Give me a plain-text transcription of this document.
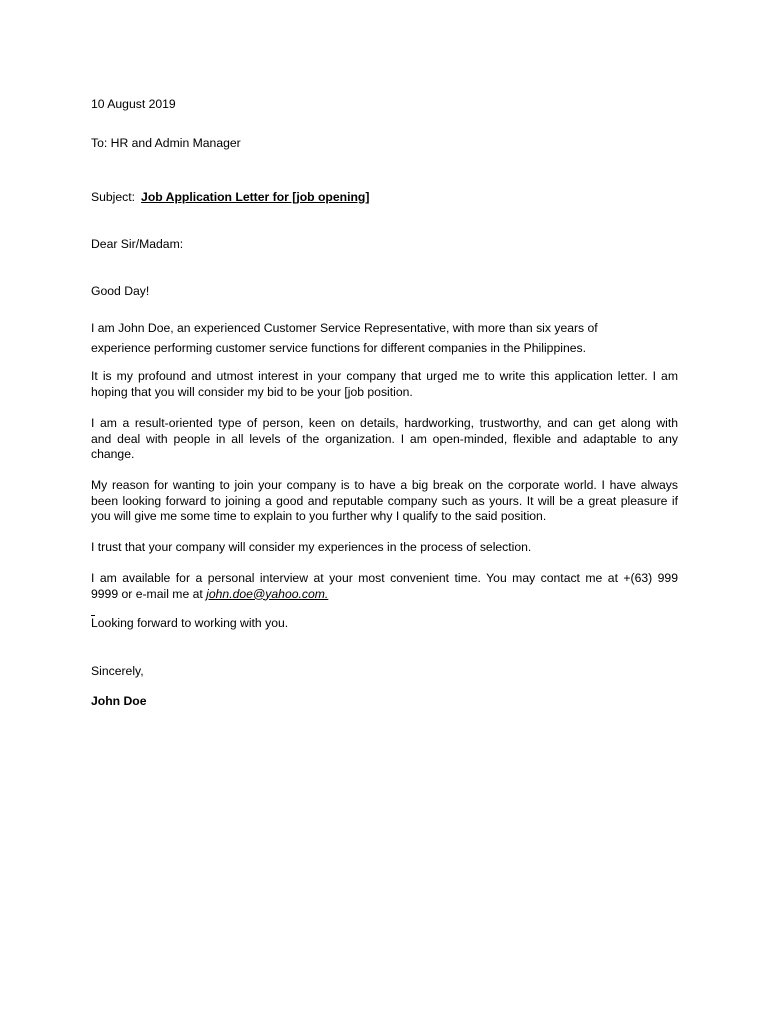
10 August 2019
To: HR and Admin Manager
Subject: Job Application Letter for [job opening]
Dear Sir/Madam:
Good Day!
I am John Doe, an experienced Customer Service Representative, with more than six years of
experience performing customer service functions for different companies in the Philippines.
It is my profound and utmost interest in your company that urged me to write this application letter. I am
hoping that you will consider my bid to be your [job position.
I am a result-oriented type of person, keen on details, hardworking, trustworthy, and can get along with
and deal with people in all levels of the organization. I am open-minded, flexible and adaptable to any
change.
My reason for wanting to join your company is to have a big break on the corporate world. I have always
been looking forward to joining a good and reputable company such as yours. It will be a great pleasure if
you will give me some time to explain to you further why I qualify to the said position.
I trust that your company will consider my experiences in the process of selection.
I am available for a personal interview at your most convenient time. You may contact me at +(63) 999
9999 or e-mail me at john.doe@yahoo.com.
Looking forward to working with you.
Sincerely,
John Doe
